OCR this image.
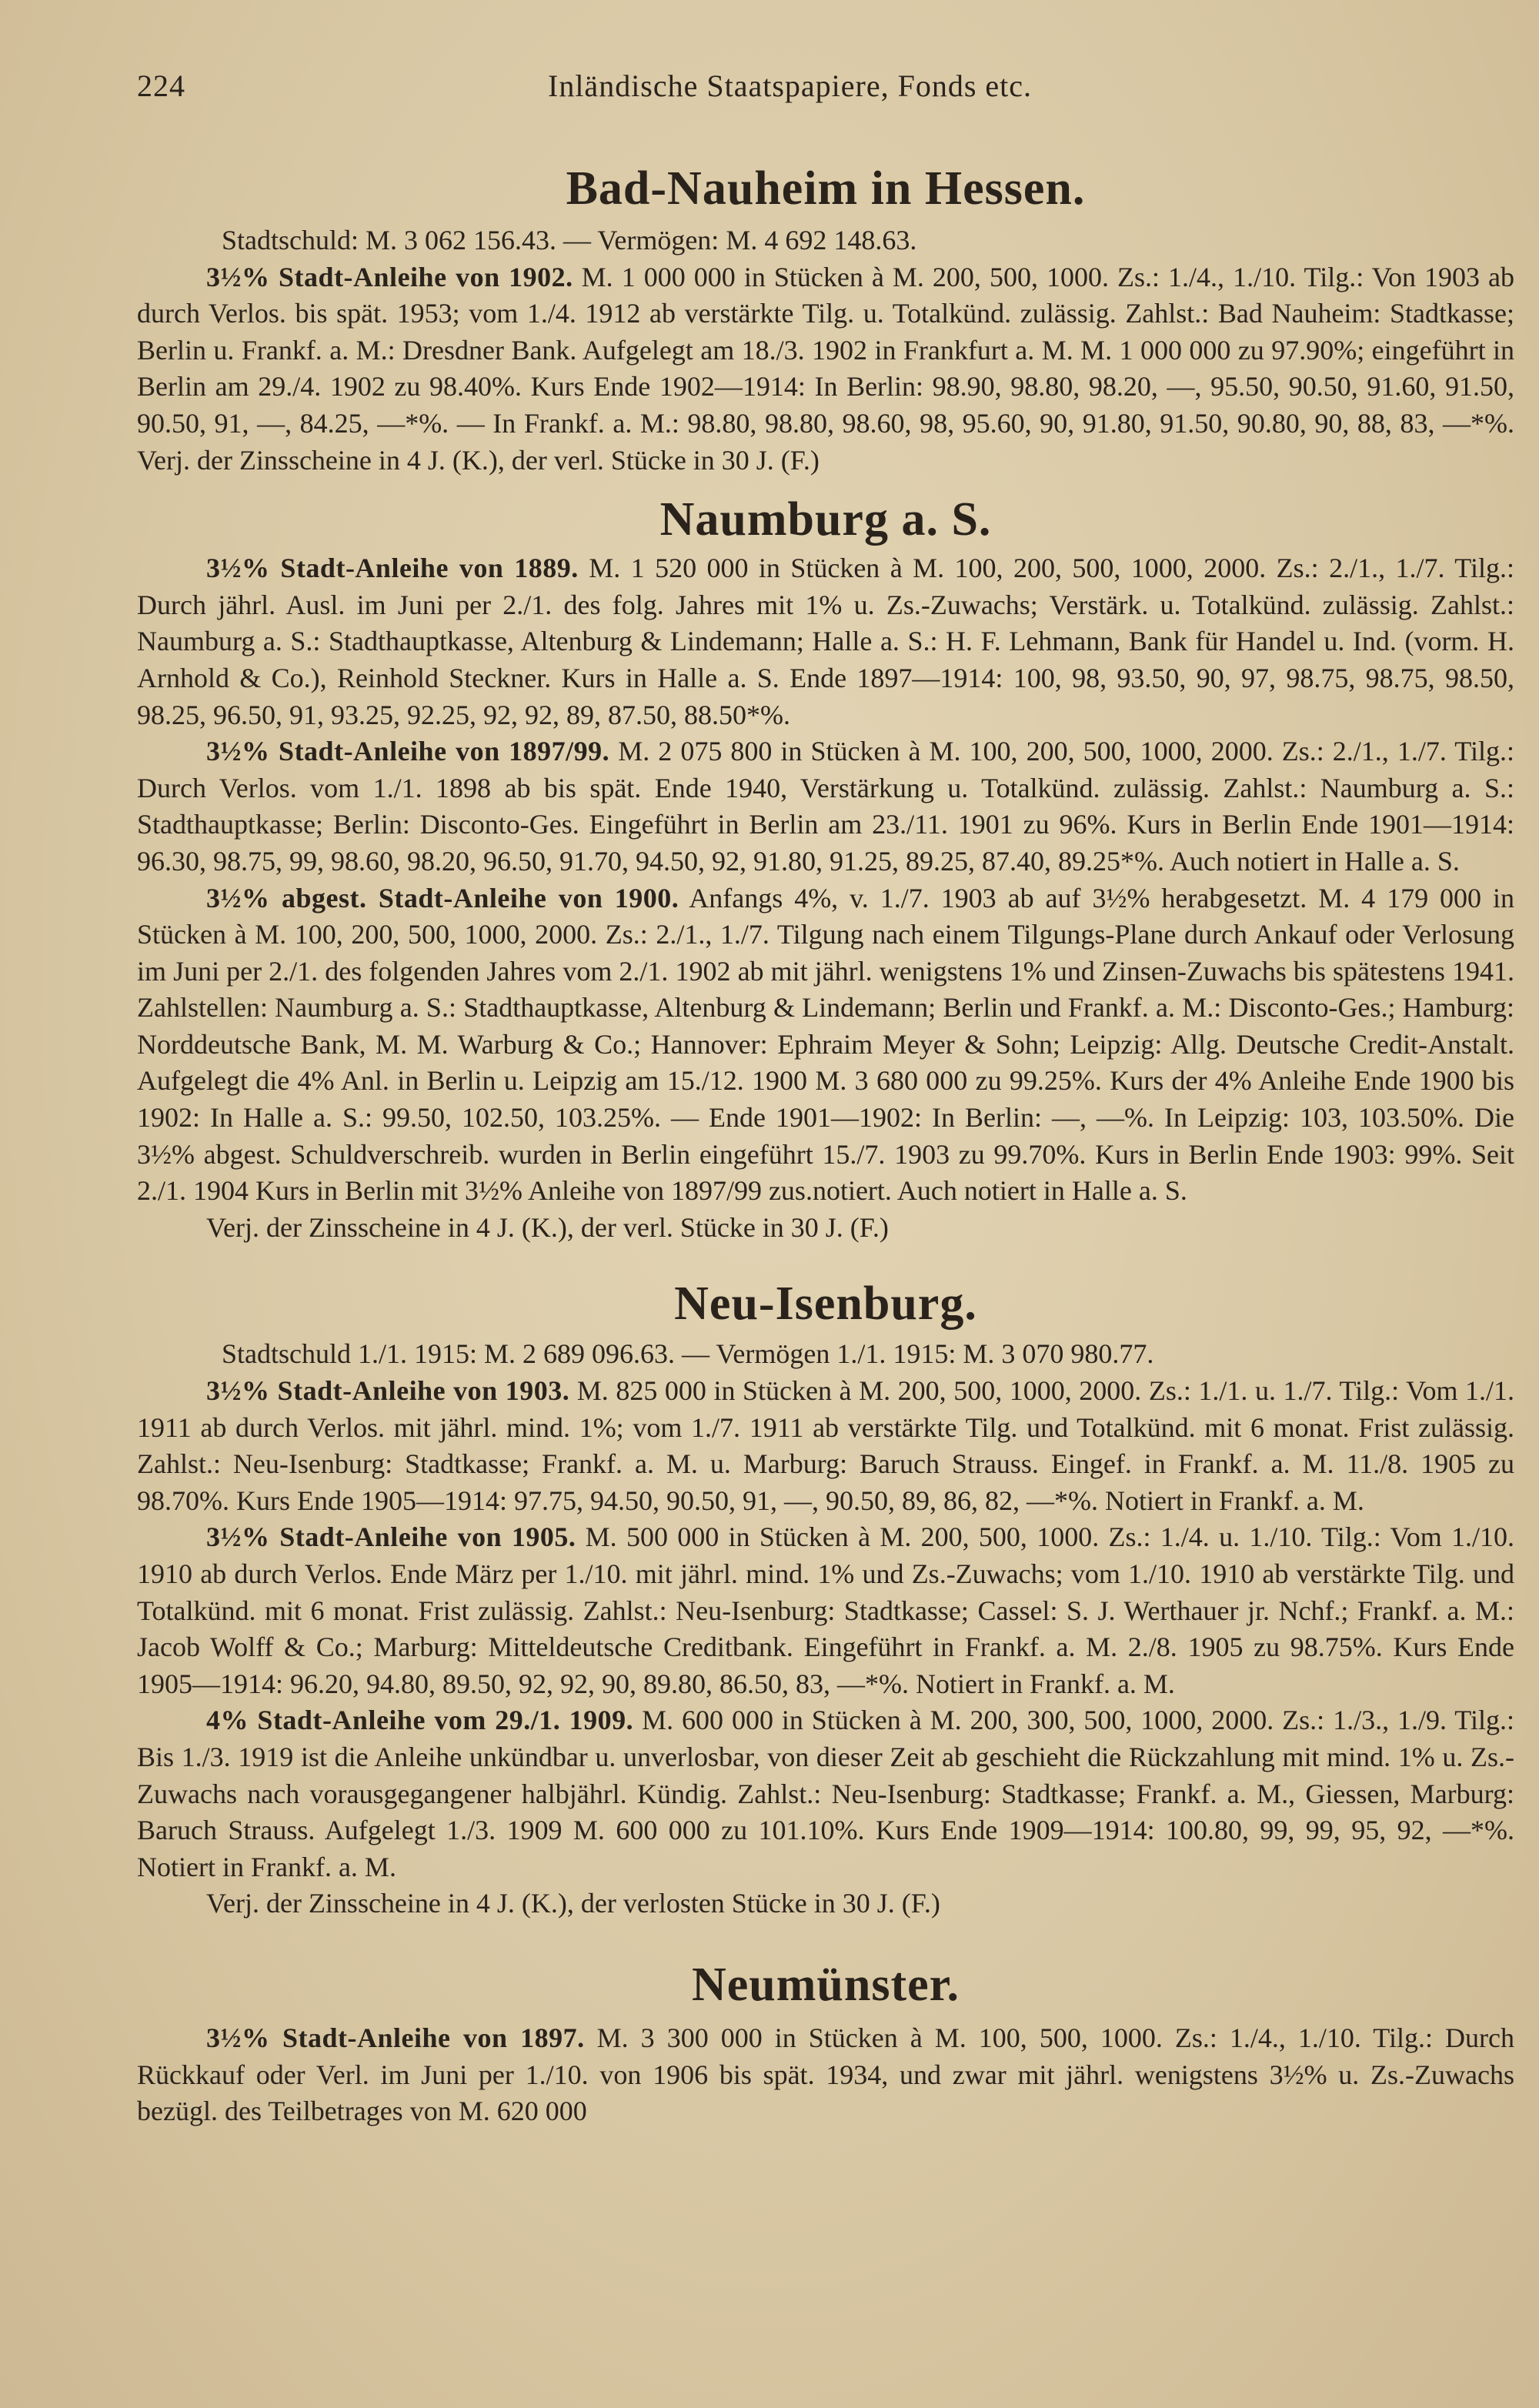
224	Inländische Staatspapiere, Fonds etc.
Bad-Nauheim in Hessen.

Stadtschuld: M. 3 062 156.43. — Vermögen: M. 4 692 148.63.

3½% Stadt-Anleihe von 1902. M. 1 000 000 in Stücken à M. 200, 500, 1000. Zs.: 1./4., 1./10. Tilg.: Von 1903 ab durch Verlos. bis spät. 1953; vom 1./4. 1912 ab verstärkte Tilg. u. Totalkünd. zulässig. Zahlst.: Bad Nauheim: Stadtkasse; Berlin u. Frankf. a. M.: Dresdner Bank. Aufgelegt am 18./3. 1902 in Frankfurt a. M. M. 1 000 000 zu 97.90%; eingeführt in Berlin am 29./4. 1902 zu 98.40%. Kurs Ende 1902—1914: In Berlin: 98.90, 98.80, 98.20, —, 95.50, 90.50, 91.60, 91.50, 90.50, 91, —, 84.25, —*%. — In Frankf. a. M.: 98.80, 98.80, 98.60, 98, 95.60, 90, 91.80, 91.50, 90.80, 90, 88, 83, —*%. Verj. der Zinsscheine in 4 J. (K.), der verl. Stücke in 30 J. (F.)

Naumburg a. S.

3½% Stadt-Anleihe von 1889. M. 1 520 000 in Stücken à M. 100, 200, 500, 1000, 2000. Zs.: 2./1., 1./7. Tilg.: Durch jährl. Ausl. im Juni per 2./1. des folg. Jahres mit 1% u. Zs.-Zuwachs; Verstärk. u. Totalkünd. zulässig. Zahlst.: Naumburg a. S.: Stadthauptkasse, Altenburg & Lindemann; Halle a. S.: H. F. Lehmann, Bank für Handel u. Ind. (vorm. H. Arnhold & Co.), Reinhold Steckner. Kurs in Halle a. S. Ende 1897—1914: 100, 98, 93.50, 90, 97, 98.75, 98.75, 98.50, 98.25, 96.50, 91, 93.25, 92.25, 92, 92, 89, 87.50, 88.50*%.

3½% Stadt-Anleihe von 1897/99. M. 2 075 800 in Stücken à M. 100, 200, 500, 1000, 2000. Zs.: 2./1., 1./7. Tilg.: Durch Verlos. vom 1./1. 1898 ab bis spät. Ende 1940, Verstärkung u. Totalkünd. zulässig. Zahlst.: Naumburg a. S.: Stadthauptkasse; Berlin: Disconto-Ges. Eingeführt in Berlin am 23./11. 1901 zu 96%. Kurs in Berlin Ende 1901—1914: 96.30, 98.75, 99, 98.60, 98.20, 96.50, 91.70, 94.50, 92, 91.80, 91.25, 89.25, 87.40, 89.25*%. Auch notiert in Halle a. S.

3½% abgest. Stadt-Anleihe von 1900. Anfangs 4%, v. 1./7. 1903 ab auf 3½% herabgesetzt. M. 4 179 000 in Stücken à M. 100, 200, 500, 1000, 2000. Zs.: 2./1., 1./7. Tilgung nach einem Tilgungs-Plane durch Ankauf oder Verlosung im Juni per 2./1. des folgenden Jahres vom 2./1. 1902 ab mit jährl. wenigstens 1% und Zinsen-Zuwachs bis spätestens 1941. Zahlstellen: Naumburg a. S.: Stadthauptkasse, Altenburg & Lindemann; Berlin und Frankf. a. M.: Disconto-Ges.; Hamburg: Norddeutsche Bank, M. M. Warburg & Co.; Hannover: Ephraim Meyer & Sohn; Leipzig: Allg. Deutsche Credit-Anstalt. Aufgelegt die 4% Anl. in Berlin u. Leipzig am 15./12. 1900 M. 3 680 000 zu 99.25%. Kurs der 4% Anleihe Ende 1900 bis 1902: In Halle a. S.: 99.50, 102.50, 103.25%. — Ende 1901—1902: In Berlin: —, —%. In Leipzig: 103, 103.50%. Die 3½% abgest. Schuldverschreib. wurden in Berlin eingeführt 15./7. 1903 zu 99.70%. Kurs in Berlin Ende 1903: 99%. Seit 2./1. 1904 Kurs in Berlin mit 3½% Anleihe von 1897/99 zus.notiert. Auch notiert in Halle a. S.

Verj. der Zinsscheine in 4 J. (K.), der verl. Stücke in 30 J. (F.)

Neu-Isenburg.

Stadtschuld 1./1. 1915: M. 2 689 096.63. — Vermögen 1./1. 1915: M. 3 070 980.77.

3½% Stadt-Anleihe von 1903. M. 825 000 in Stücken à M. 200, 500, 1000, 2000. Zs.: 1./1. u. 1./7. Tilg.: Vom 1./1. 1911 ab durch Verlos. mit jährl. mind. 1%; vom 1./7. 1911 ab verstärkte Tilg. und Totalkünd. mit 6 monat. Frist zulässig. Zahlst.: Neu-Isenburg: Stadtkasse; Frankf. a. M. u. Marburg: Baruch Strauss. Eingef. in Frankf. a. M. 11./8. 1905 zu 98.70%. Kurs Ende 1905—1914: 97.75, 94.50, 90.50, 91, —, 90.50, 89, 86, 82, —*%. Notiert in Frankf. a. M.

3½% Stadt-Anleihe von 1905. M. 500 000 in Stücken à M. 200, 500, 1000. Zs.: 1./4. u. 1./10. Tilg.: Vom 1./10. 1910 ab durch Verlos. Ende März per 1./10. mit jährl. mind. 1% und Zs.-Zuwachs; vom 1./10. 1910 ab verstärkte Tilg. und Totalkünd. mit 6 monat. Frist zulässig. Zahlst.: Neu-Isenburg: Stadtkasse; Cassel: S. J. Werthauer jr. Nchf.; Frankf. a. M.: Jacob Wolff & Co.; Marburg: Mitteldeutsche Creditbank. Eingeführt in Frankf. a. M. 2./8. 1905 zu 98.75%. Kurs Ende 1905—1914: 96.20, 94.80, 89.50, 92, 92, 90, 89.80, 86.50, 83, —*%. Notiert in Frankf. a. M.

4% Stadt-Anleihe vom 29./1. 1909. M. 600 000 in Stücken à M. 200, 300, 500, 1000, 2000. Zs.: 1./3., 1./9. Tilg.: Bis 1./3. 1919 ist die Anleihe unkündbar u. unverlosbar, von dieser Zeit ab geschieht die Rückzahlung mit mind. 1% u. Zs.-Zuwachs nach vorausgegangener halbjährl. Kündig. Zahlst.: Neu-Isenburg: Stadtkasse; Frankf. a. M., Giessen, Marburg: Baruch Strauss. Aufgelegt 1./3. 1909 M. 600 000 zu 101.10%. Kurs Ende 1909—1914: 100.80, 99, 99, 95, 92, —*%. Notiert in Frankf. a. M.

Verj. der Zinsscheine in 4 J. (K.), der verlosten Stücke in 30 J. (F.)

Neumünster.

3½% Stadt-Anleihe von 1897. M. 3 300 000 in Stücken à M. 100, 500, 1000. Zs.: 1./4., 1./10. Tilg.: Durch Rückkauf oder Verl. im Juni per 1./10. von 1906 bis spät. 1934, und zwar mit jährl. wenigstens 3½% u. Zs.-Zuwachs bezügl. des Teilbetrages von M. 620 000
